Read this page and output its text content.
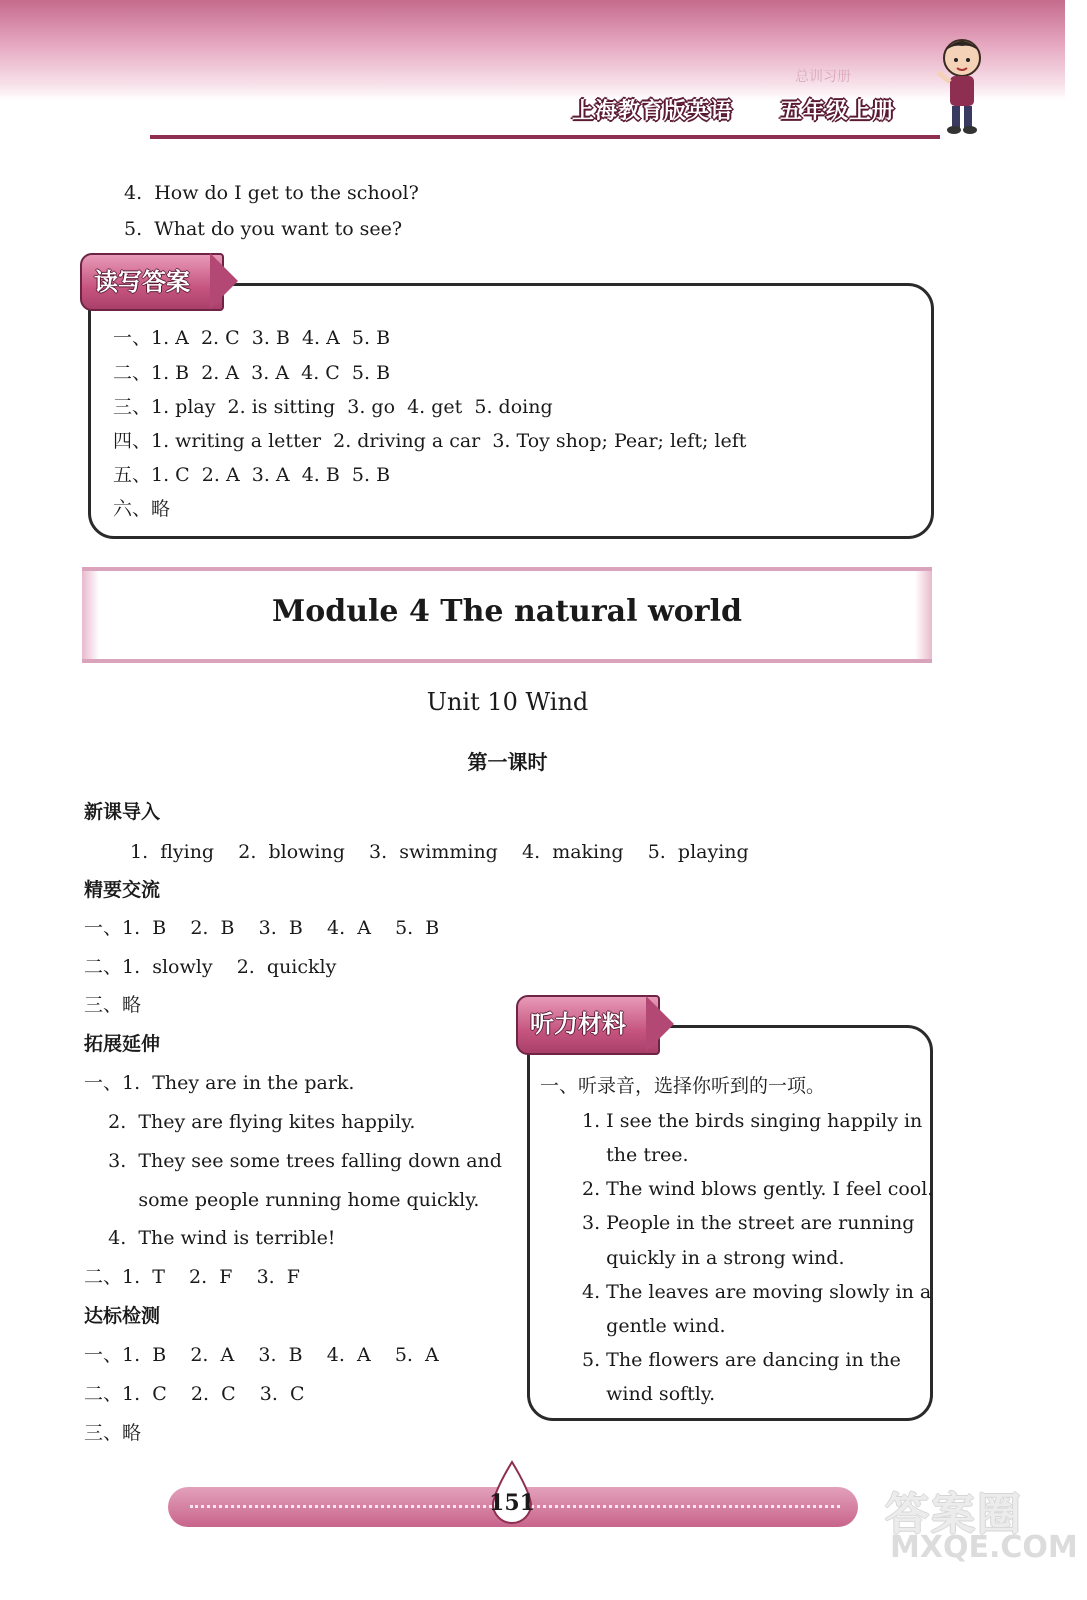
总训习册
上海教育版英语 五年级上册
4.  How do I get to the school?
5.  What do you want to see?
读写答案
一、1. A  2. C  3. B  4. A  5. B
二、1. B  2. A  3. A  4. C  5. B
三、1. play  2. is sitting  3. go  4. get  5. doing
四、1. writing a letter  2. driving a car  3. Toy shop; Pear; left; left
五、1. C  2. A  3. A  4. B  5. B
六、略
Module 4 The natural world
Unit 10 Wind
第一课时
新课导入
1.  flying    2.  blowing    3.  swimming    4.  making    5.  playing
精要交流
一、1.  B    2.  B    3.  B    4.  A    5.  B
二、1.  slowly    2.  quickly
三、略
拓展延伸
一、1.  They are in the park.
2.  They are flying kites happily.
3.  They see some trees falling down and
some people running home quickly.
4.  The wind is terrible!
二、1.  T    2.  F    3.  F
达标检测
一、1.  B    2.  A    3.  B    4.  A    5.  A
二、1.  C    2.  C    3.  C
三、略
听力材料
一、听录音，选择你听到的一项。
1. I see the birds singing happily in
the tree.
2. The wind blows gently. I feel cool.
3. People in the street are running
quickly in a strong wind.
4. The leaves are moving slowly in a
gentle wind.
5. The flowers are dancing in the
wind softly.
151	答案圈
MXQE.COM
